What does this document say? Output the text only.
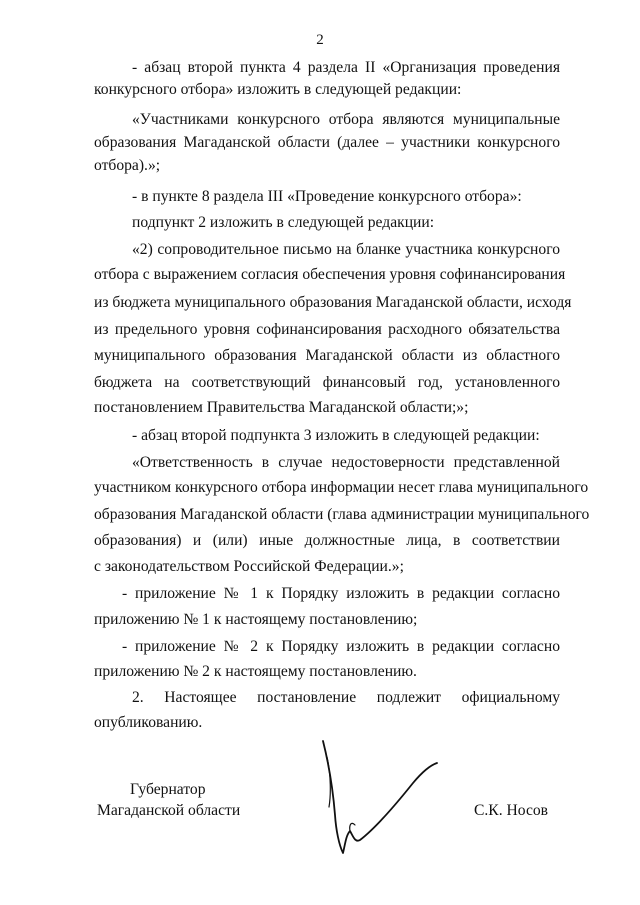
2
- абзац второй пункта 4 раздела II «Организация проведения
конкурсного отбора» изложить в следующей редакции:
«Участниками конкурсного отбора являются муниципальные
образования Магаданской области (далее – участники конкурсного
отбора).»;
- в пункте 8 раздела III «Проведение конкурсного отбора»:
подпункт 2 изложить в следующей редакции:
«2) сопроводительное письмо на бланке участника конкурсного
отбора с выражением согласия обеспечения уровня софинансирования
из бюджета муниципального образования Магаданской области, исходя
из предельного уровня софинансирования расходного обязательства
муниципального образования Магаданской области из областного
бюджета на соответствующий финансовый год, установленного
постановлением Правительства Магаданской области;»;
- абзац второй подпункта 3 изложить в следующей редакции:
«Ответственность в случае недостоверности представленной
участником конкурсного отбора информации несет глава муниципального
образования Магаданской области (глава администрации муниципального
образования) и (или) иные должностные лица, в соответствии
с законодательством Российской Федерации.»;
- приложение № 1 к Порядку изложить в редакции согласно
приложению № 1 к настоящему постановлению;
- приложение № 2 к Порядку изложить в редакции согласно
приложению № 2 к настоящему постановлению.
2. Настоящее постановление подлежит официальному
опубликованию.
Губернатор
Магаданской области	С.К. Носов
